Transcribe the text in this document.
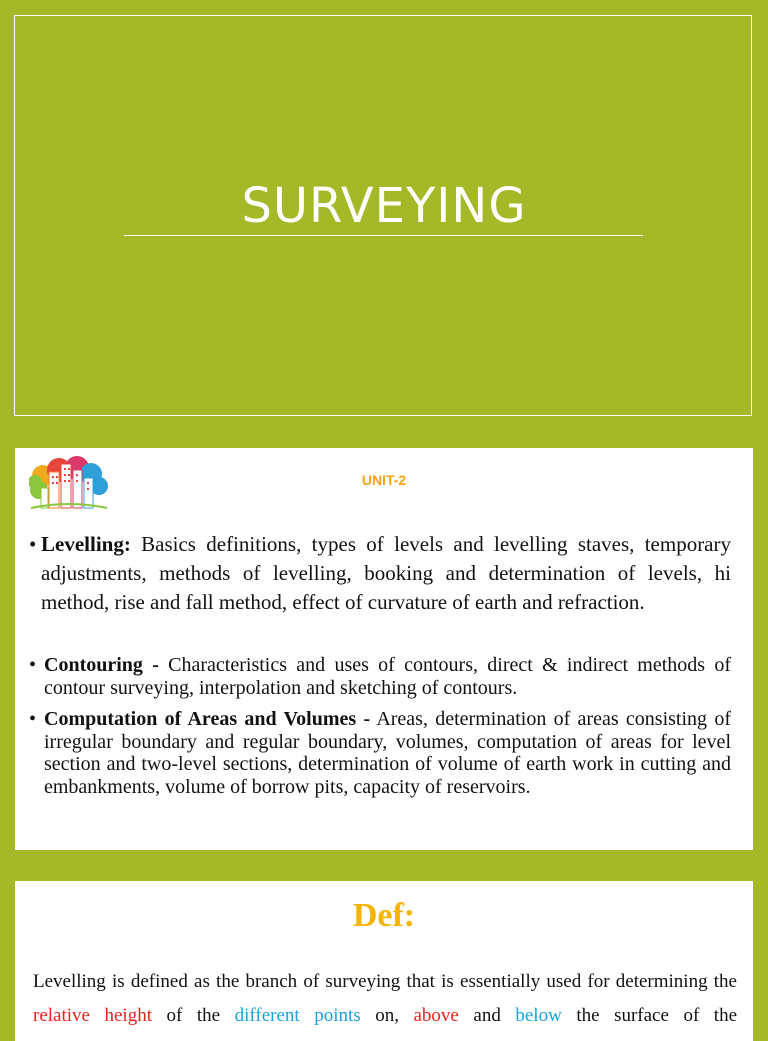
SURVEYING
UNIT-2
• Levelling: Basics definitions, types of levels and levelling staves, temporary adjustments, methods of levelling, booking and determination of levels, hi method, rise and fall method, effect of curvature of earth and refraction.
• Contouring - Characteristics and uses of contours, direct & indirect methods of contour surveying, interpolation and sketching of contours.
• Computation of Areas and Volumes - Areas, determination of areas consisting of irregular boundary and regular boundary, volumes, computation of areas for level section and two-level sections, determination of volume of earth work in cutting and embankments, volume of borrow pits, capacity of reservoirs.
Def:
Levelling is defined as the branch of surveying that is essentially used for determining the relative height of the different points on, above and below the surface of the
